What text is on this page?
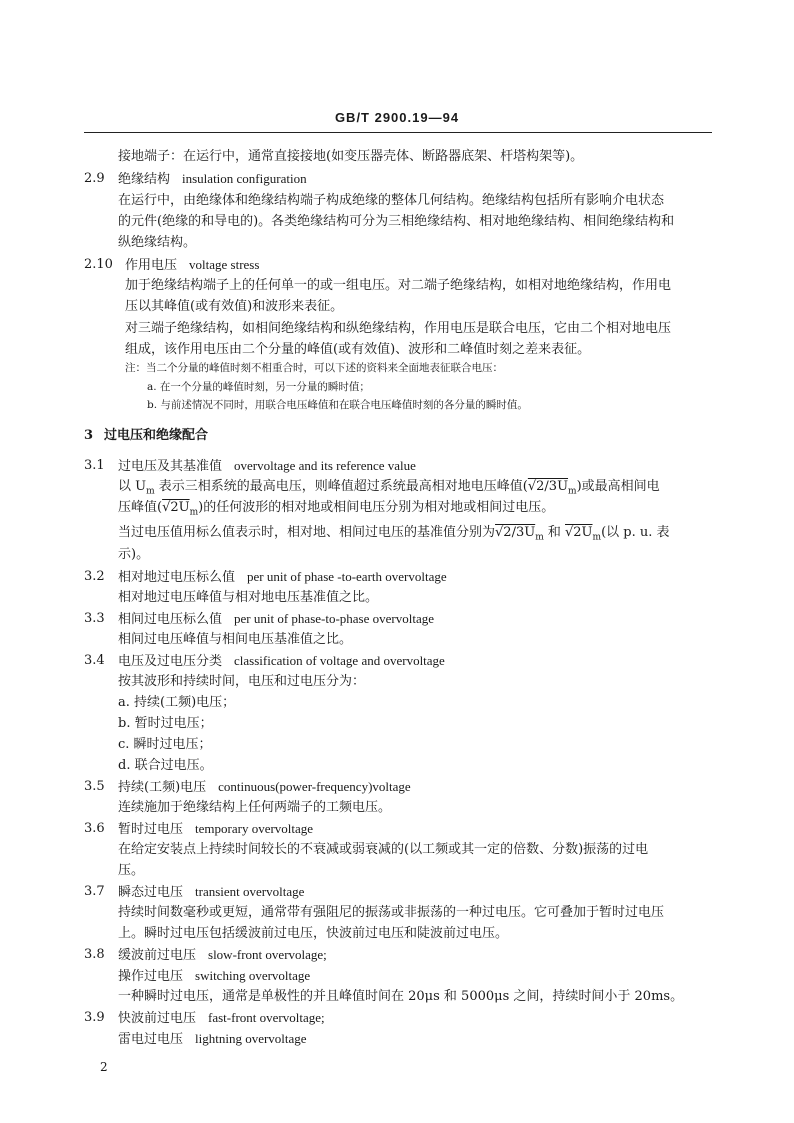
GB/T 2900.19—94
接地端子：在运行中，通常直接接地(如变压器壳体、断路器底架、杆塔构架等)。
2.9 绝缘结构 insulation configuration
在运行中，由绝缘体和绝缘结构端子构成绝缘的整体几何结构。绝缘结构包括所有影响介电状态
的元件(绝缘的和导电的)。各类绝缘结构可分为三相绝缘结构、相对地绝缘结构、相间绝缘结构和
纵绝缘结构。
2.10 作用电压 voltage stress
加于绝缘结构端子上的任何单一的或一组电压。对二端子绝缘结构，如相对地绝缘结构，作用电
压以其峰值(或有效值)和波形来表征。
对三端子绝缘结构，如相间绝缘结构和纵绝缘结构，作用电压是联合电压，它由二个相对地电压
组成，该作用电压由二个分量的峰值(或有效值)、波形和二峰值时刻之差来表征。
注：当二个分量的峰值时刻不相重合时，可以下述的资料来全面地表征联合电压：
a. 在一个分量的峰值时刻，另一分量的瞬时值；
b. 与前述情况不同时，用联合电压峰值和在联合电压峰值时刻的各分量的瞬时值。
3 过电压和绝缘配合
3.1 过电压及其基准值 overvoltage and its reference value
以 $U_m$ 表示三相系统的最高电压，则峰值超过系统最高相对地电压峰值$(√2/3U_m)$或最高相间电
压峰值$(√2U_m)$的任何波形的相对地或相间电压分别为相对地或相间过电压。
当过电压值用标么值表示时，相对地、相间过电压的基准值分别为$√2/3U_m$ 和 $√2U_m$(以 p. u. 表
示)。
3.2 相对地过电压标么值 per unit of phase -to-earth overvoltage
相对地过电压峰值与相对地电压基准值之比。
3.3 相间过电压标么值 per unit of phase-to-phase overvoltage
相间过电压峰值与相间电压基准值之比。
3.4 电压及过电压分类 classification of voltage and overvoltage
按其波形和持续时间，电压和过电压分为：
a. 持续(工频)电压；
b. 暂时过电压；
c. 瞬时过电压；
d. 联合过电压。
3.5 持续(工频)电压 continuous(power-frequency)voltage
连续施加于绝缘结构上任何两端子的工频电压。
3.6 暂时过电压 temporary overvoltage
在给定安装点上持续时间较长的不衰减或弱衰减的(以工频或其一定的倍数、分数)振荡的过电
压。
3.7 瞬态过电压 transient overvoltage
持续时间数毫秒或更短，通常带有强阻尼的振荡或非振荡的一种过电压。它可叠加于暂时过电压
上。瞬时过电压包括缓波前过电压，快波前过电压和陡波前过电压。
3.8 缓波前过电压 slow-front overvolage;
操作过电压 switching overvoltage
一种瞬时过电压，通常是单极性的并且峰值时间在 20μs 和 5000μs 之间，持续时间小于 20ms。
3.9 快波前过电压 fast-front overvoltage;
雷电过电压 lightning overvoltage
2
